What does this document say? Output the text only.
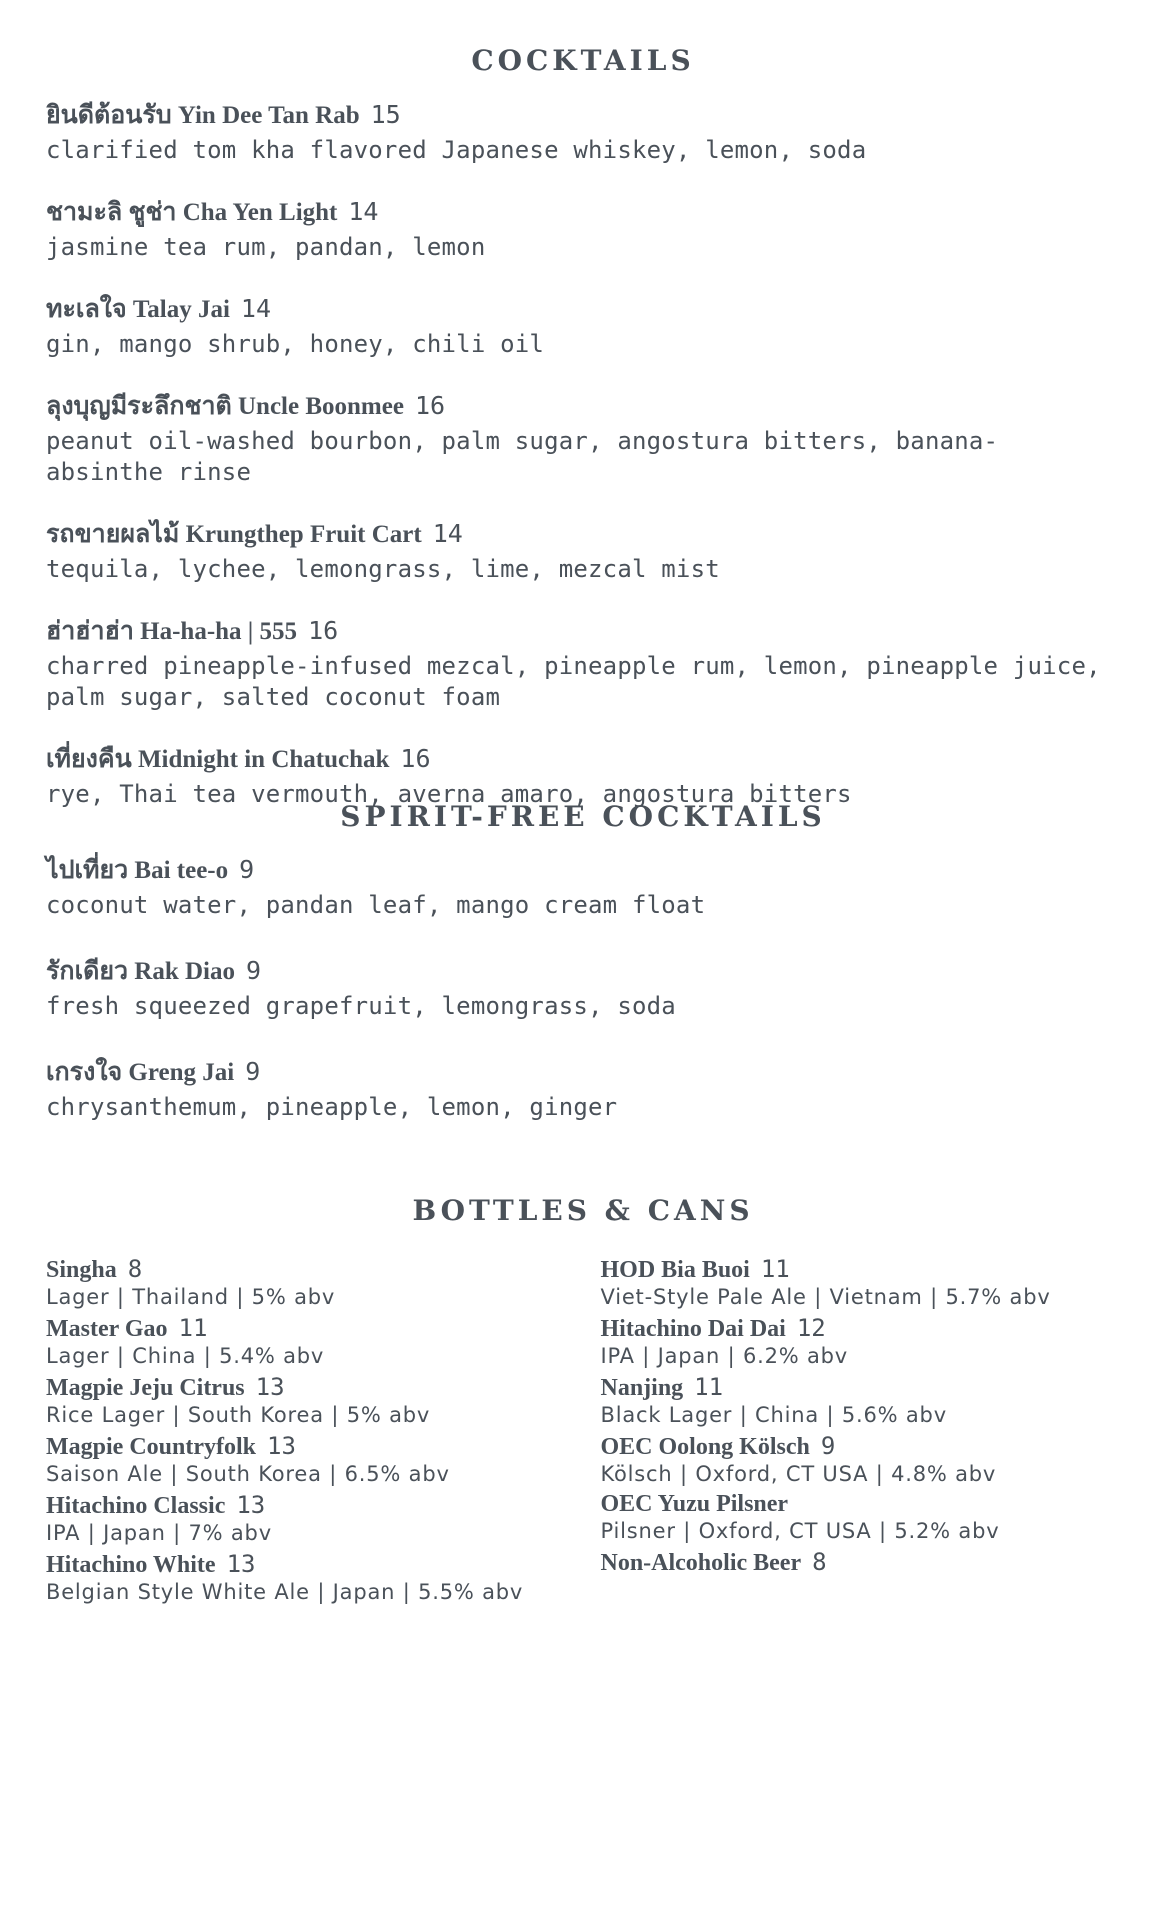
COCKTAILS
ยินดีต้อนรับ Yin Dee Tan Rab 15
clarified tom kha flavored Japanese whiskey, lemon, soda
ชามะลิ ชูช่า Cha Yen Light 14
jasmine tea rum, pandan, lemon
ทะเลใจ Talay Jai 14
gin, mango shrub, honey, chili oil
ลุงบุญมีระลึกชาติ Uncle Boonmee 16
peanut oil-washed bourbon, palm sugar, angostura bitters, banana-absinthe rinse
รถขายผลไม้ Krungthep Fruit Cart 14
tequila, lychee, lemongrass, lime, mezcal mist
ฮ่าฮ่าฮ่า Ha-ha-ha | 555 16
charred pineapple-infused mezcal, pineapple rum, lemon, pineapple juice, palm sugar, salted coconut foam
เที่ยงคืน Midnight in Chatuchak 16
rye, Thai tea vermouth, averna amaro, angostura bitters
SPIRIT-FREE COCKTAILS
ไปเที่ยว Bai tee-o 9
coconut water, pandan leaf, mango cream float
รักเดียว Rak Diao 9
fresh squeezed grapefruit, lemongrass, soda
เกรงใจ Greng Jai 9
chrysanthemum, pineapple, lemon, ginger
BOTTLES & CANS
Singha 8
Lager | Thailand | 5% abv
Master Gao 11
Lager | China | 5.4% abv
Magpie Jeju Citrus 13
Rice Lager | South Korea | 5% abv
Magpie Countryfolk 13
Saison Ale | South Korea | 6.5% abv
Hitachino Classic 13
IPA | Japan | 7% abv
Hitachino White 13
Belgian Style White Ale | Japan | 5.5% abv
HOD Bia Buoi 11
Viet-Style Pale Ale | Vietnam | 5.7% abv
Hitachino Dai Dai 12
IPA | Japan | 6.2% abv
Nanjing 11
Black Lager | China | 5.6% abv
OEC Oolong Kölsch 9
Kölsch | Oxford, CT USA | 4.8% abv
OEC Yuzu Pilsner
Pilsner | Oxford, CT USA | 5.2% abv
Non-Alcoholic Beer 8
